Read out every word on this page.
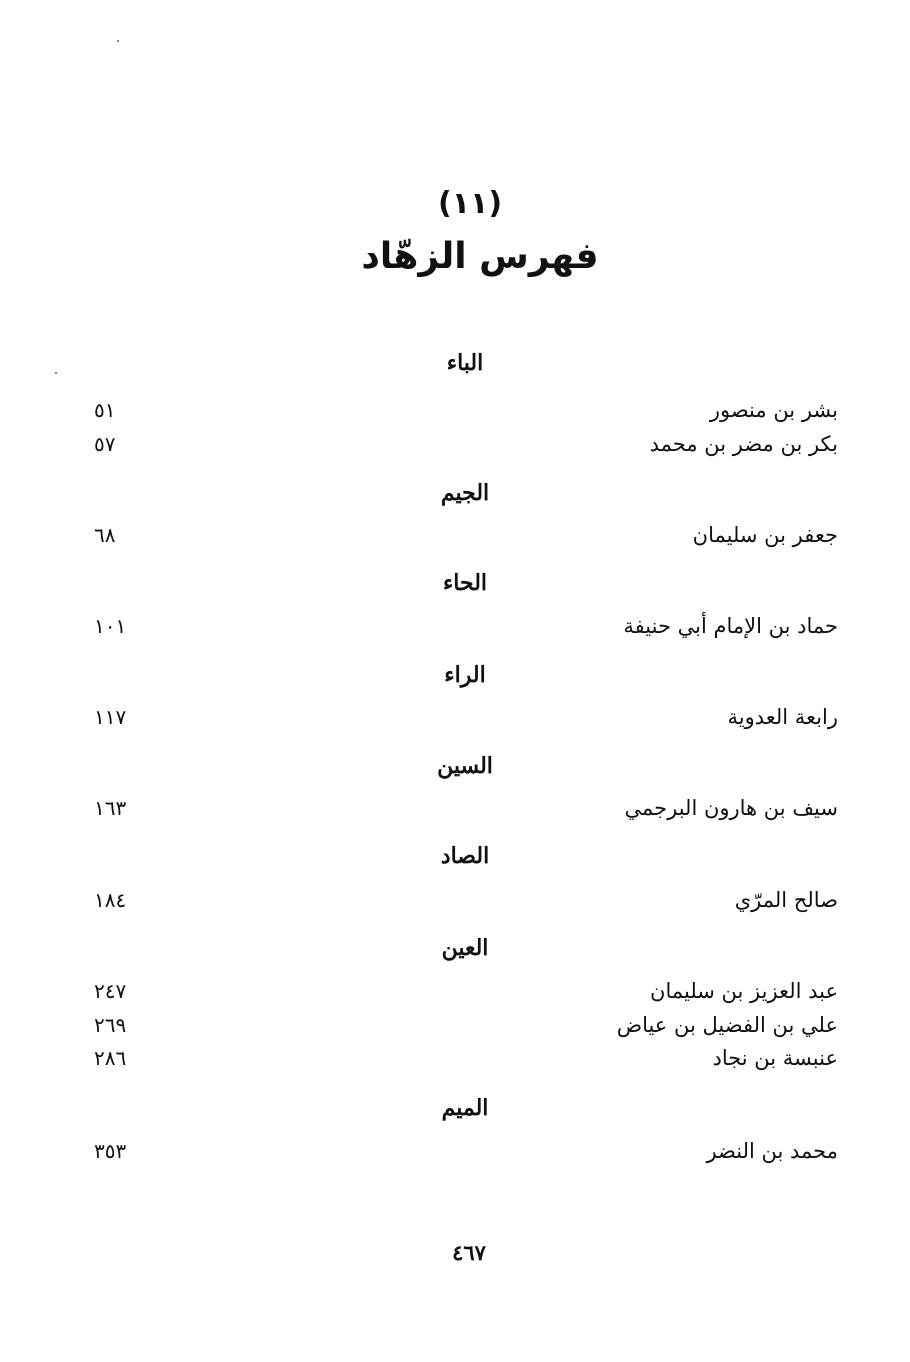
(١١)
فهرس الزهّاد
الباء
بشر بن منصور
٥١
بكر بن مضر بن محمد
٥٧
الجيم
جعفر بن سليمان
٦٨
الحاء
حماد بن الإمام أبي حنيفة
١٠١
الراء
رابعة العدوية
١١٧
السين
سيف بن هارون البرجمي
١٦٣
الصاد
صالح المرّي
١٨٤
العين
عبد العزيز بن سليمان
٢٤٧
علي بن الفضيل بن عياض
٢٦٩
عنبسة بن نجاد
٢٨٦
الميم
محمد بن النضر
٣٥٣
٤٦٧
